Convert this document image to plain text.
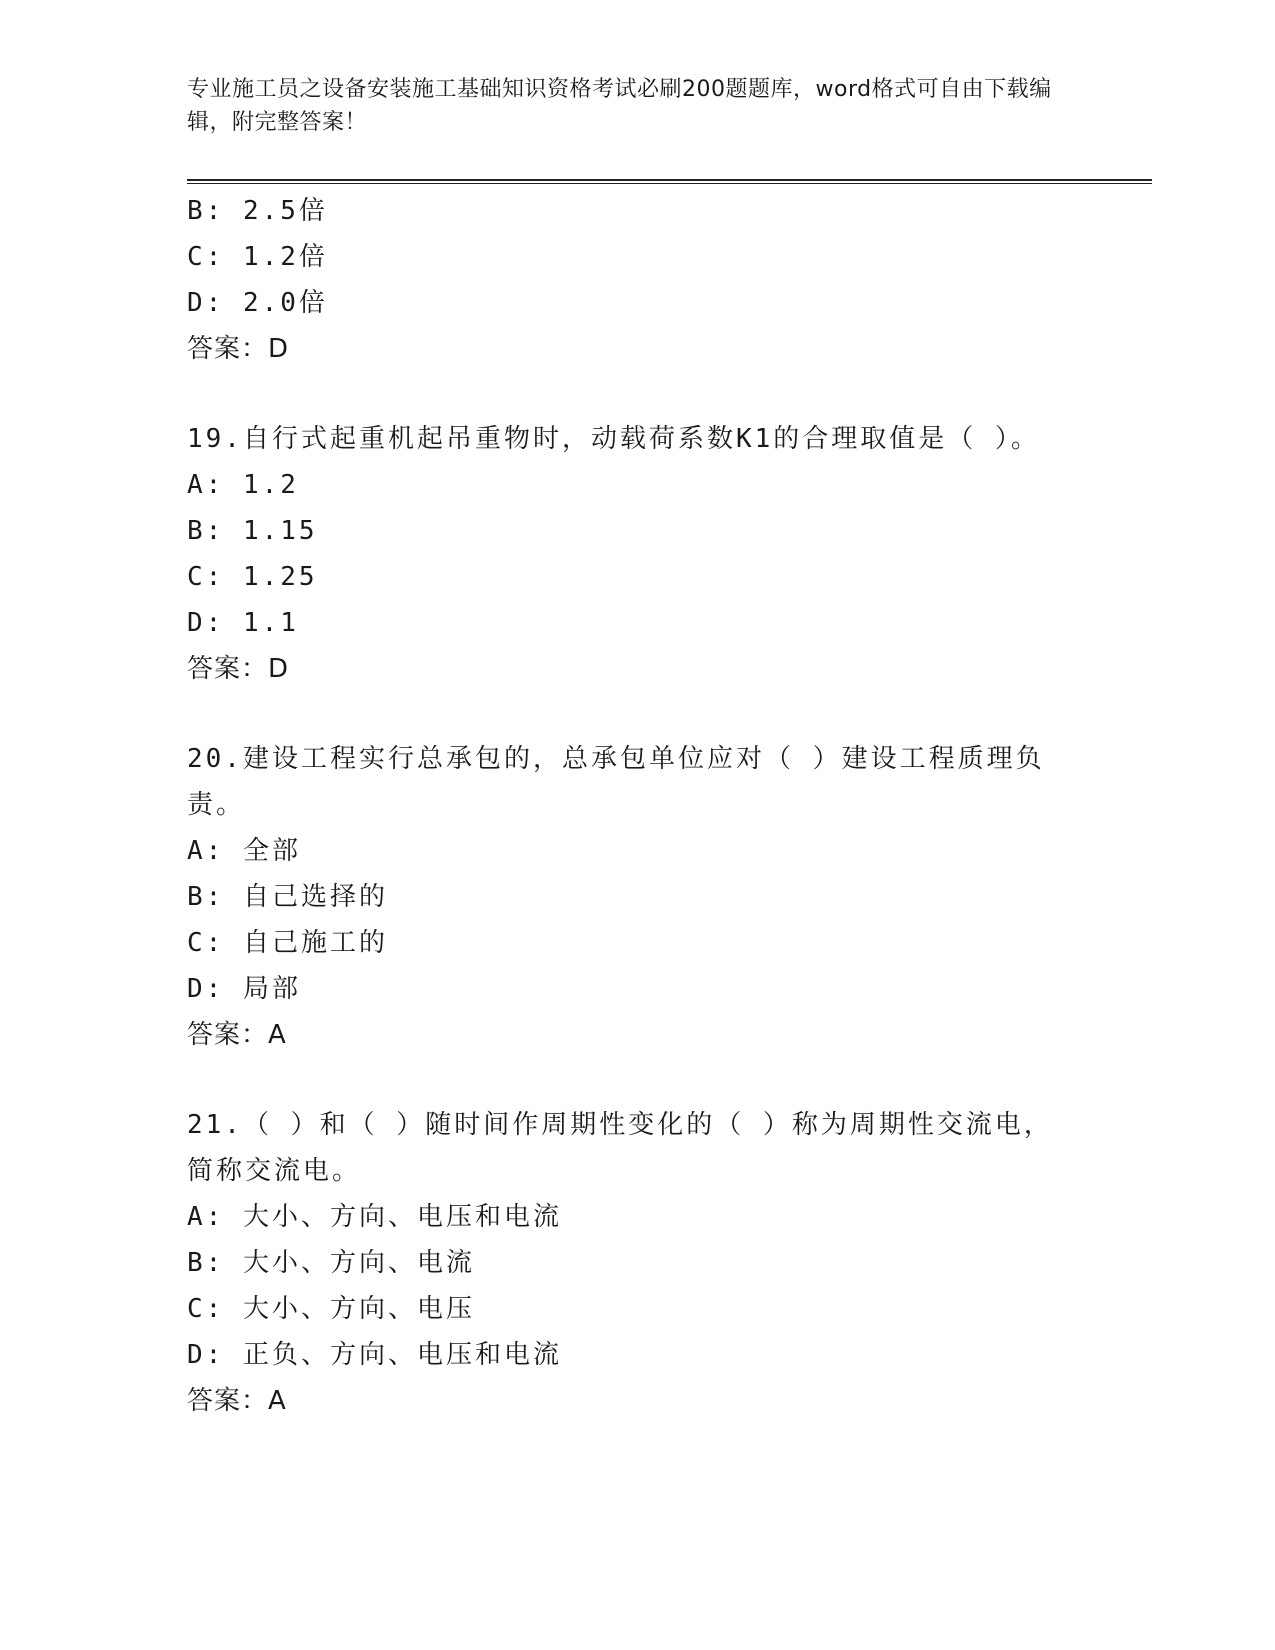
专业施工员之设备安装施工基础知识资格考试必刷200题题库，word格式可自由下载编辑，附完整答案！
B: 2.5倍
C: 1.2倍
D: 2.0倍
答案：D
19.自行式起重机起吊重物时，动载荷系数K1的合理取值是（ ）。
A: 1.2
B: 1.15
C: 1.25
D: 1.1
答案：D
20.建设工程实行总承包的，总承包单位应对（ ）建设工程质理负责。
A: 全部
B: 自己选择的
C: 自己施工的
D: 局部
答案：A
21.（ ）和（ ）随时间作周期性变化的（ ）称为周期性交流电，简称交流电。
A: 大小、方向、电压和电流
B: 大小、方向、电流
C: 大小、方向、电压
D: 正负、方向、电压和电流
答案：A
